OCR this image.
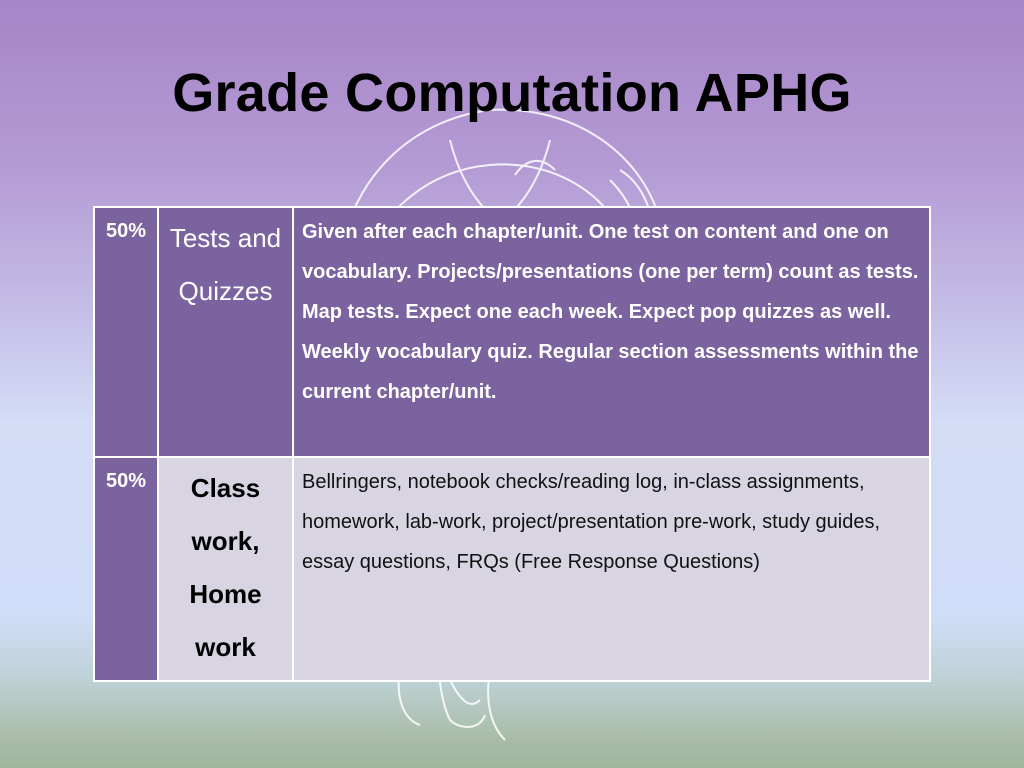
Grade Computation APHG
50%	Tests and Quizzes	Given after each chapter/unit. One test on content and one on vocabulary. Projects/presentations (one per term) count as tests. Map tests. Expect one each week. Expect pop quizzes as well. Weekly vocabulary quiz. Regular section assessments within the current chapter/unit.
50%	Class work, Home work	Bellringers, notebook checks/reading log, in-class assignments, homework, lab-work, project/presentation pre-work, study guides, essay questions, FRQs (Free Response Questions)
